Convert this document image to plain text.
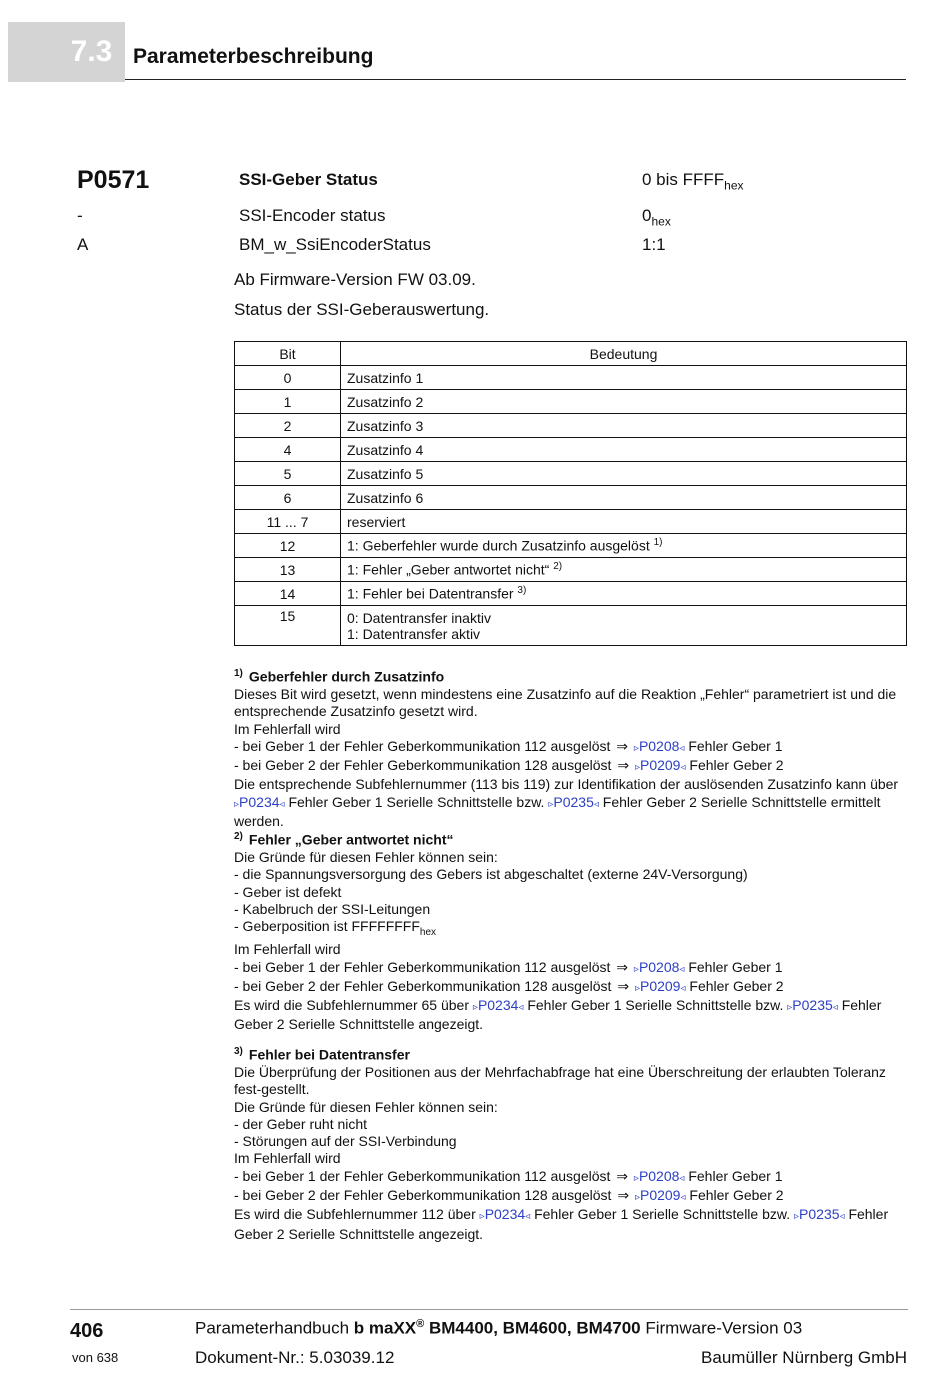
7.3 Parameterbeschreibung
P0571	SSI-Geber Status	0 bis $FFFF_{hex}$
-	SSI-Encoder status	$0_{hex}$
A	BM_w_SsiEncoderStatus	1:1
Ab Firmware-Version FW 03.09.
Status der SSI-Geberauswertung.
Bit	Bedeutung
0	Zusatzinfo 1
1	Zusatzinfo 2
2	Zusatzinfo 3
4	Zusatzinfo 4
5	Zusatzinfo 5
6	Zusatzinfo 6
11 ... 7	reserviert
12	1: Geberfehler wurde durch Zusatzinfo ausgelöst $^{1)}$
13	1: Fehler „Geber antwortet nicht“ $^{2)}$
14	1: Fehler bei Datentransfer $^{3)}$
15	0: Datentransfer inaktiv
1: Datentransfer aktiv
$^{1)}$ Geberfehler durch Zusatzinfo
Dieses Bit wird gesetzt, wenn mindestens eine Zusatzinfo auf die Reaktion „Fehler“ parametriert ist und die entsprechende Zusatzinfo gesetzt wird.
Im Fehlerfall wird
- bei Geber 1 der Fehler Geberkommunikation 112 ausgelöst ⇒ ▹P0208◃ Fehler Geber 1
- bei Geber 2 der Fehler Geberkommunikation 128 ausgelöst ⇒ ▹P0209◃ Fehler Geber 2
Die entsprechende Subfehlernummer (113 bis 119) zur Identifikation der auslösenden Zusatzinfo kann über
▹P0234◃ Fehler Geber 1 Serielle Schnittstelle bzw. ▹P0235◃ Fehler Geber 2 Serielle Schnittstelle ermittelt werden.
$^{2)}$ Fehler „Geber antwortet nicht“
Die Gründe für diesen Fehler können sein:
- die Spannungsversorgung des Gebers ist abgeschaltet (externe 24V-Versorgung)
- Geber ist defekt
- Kabelbruch der SSI-Leitungen
- Geberposition ist $FFFFFFFF_{hex}$
Im Fehlerfall wird
- bei Geber 1 der Fehler Geberkommunikation 112 ausgelöst ⇒ ▹P0208◃ Fehler Geber 1
- bei Geber 2 der Fehler Geberkommunikation 128 ausgelöst ⇒ ▹P0209◃ Fehler Geber 2
Es wird die Subfehlernummer 65 über ▹P0234◃ Fehler Geber 1 Serielle Schnittstelle bzw. ▹P0235◃ Fehler Geber 2 Serielle Schnittstelle angezeigt.
$^{3)}$ Fehler bei Datentransfer
Die Überprüfung der Positionen aus der Mehrfachabfrage hat eine Überschreitung der erlaubten Toleranz fest-gestellt.
Die Gründe für diesen Fehler können sein:
- der Geber ruht nicht
- Störungen auf der SSI-Verbindung
Im Fehlerfall wird
- bei Geber 1 der Fehler Geberkommunikation 112 ausgelöst ⇒ ▹P0208◃ Fehler Geber 1
- bei Geber 2 der Fehler Geberkommunikation 128 ausgelöst ⇒ ▹P0209◃ Fehler Geber 2
Es wird die Subfehlernummer 112 über ▹P0234◃ Fehler Geber 1 Serielle Schnittstelle bzw. ▹P0235◃ Fehler Geber 2 Serielle Schnittstelle angezeigt.
406
von 638
Parameterhandbuch b maXX® BM4400, BM4600, BM4700 Firmware-Version 03
Dokument-Nr.: 5.03039.12	Baumüller Nürnberg GmbH
